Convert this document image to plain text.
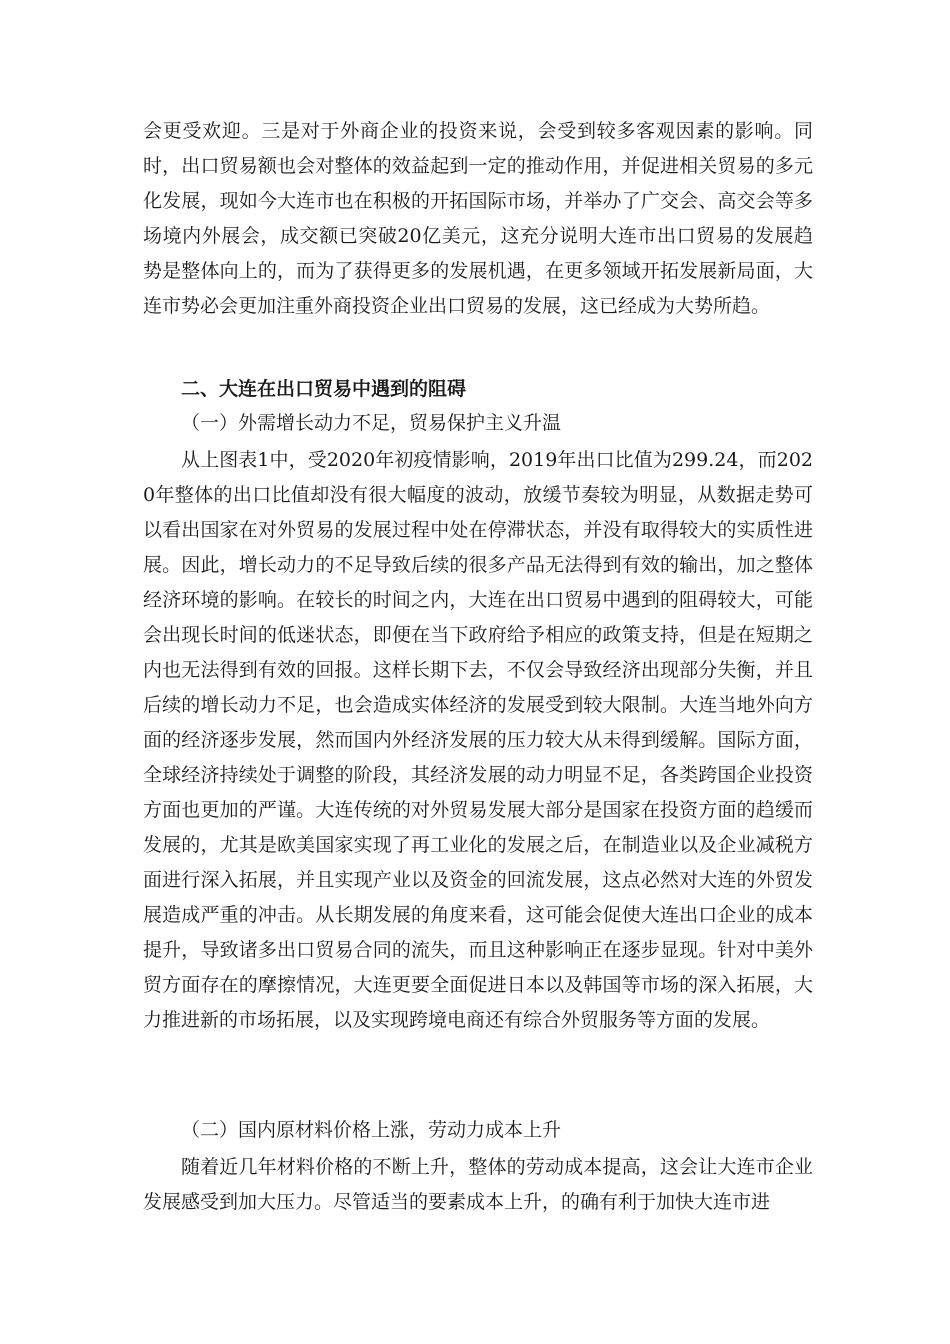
会更受欢迎。三是对于外商企业的投资来说，会受到较多客观因素的影响。同时，出口贸易额也会对整体的效益起到一定的推动作用，并促进相关贸易的多元化发展，现如今大连市也在积极的开拓国际市场，并举办了广交会、高交会等多场境内外展会，成交额已突破20亿美元，这充分说明大连市出口贸易的发展趋势是整体向上的，而为了获得更多的发展机遇，在更多领域开拓发展新局面，大连市势必会更加注重外商投资企业出口贸易的发展，这已经成为大势所趋。

二、大连在出口贸易中遇到的阻碍

（一）外需增长动力不足，贸易保护主义升温

从上图表1中，受2020年初疫情影响，2019年出口比值为299.24，而2020年整体的出口比值却没有很大幅度的波动，放缓节奏较为明显，从数据走势可以看出国家在对外贸易的发展过程中处在停滞状态，并没有取得较大的实质性进展。因此，增长动力的不足导致后续的很多产品无法得到有效的输出，加之整体经济环境的影响。在较长的时间之内，大连在出口贸易中遇到的阻碍较大，可能会出现长时间的低迷状态，即便在当下政府给予相应的政策支持，但是在短期之内也无法得到有效的回报。这样长期下去，不仅会导致经济出现部分失衡，并且后续的增长动力不足，也会造成实体经济的发展受到较大限制。大连当地外向方面的经济逐步发展，然而国内外经济发展的压力较大从未得到缓解。国际方面，全球经济持续处于调整的阶段，其经济发展的动力明显不足，各类跨国企业投资方面也更加的严谨。大连传统的对外贸易发展大部分是国家在投资方面的趋缓而发展的，尤其是欧美国家实现了再工业化的发展之后，在制造业以及企业减税方面进行深入拓展，并且实现产业以及资金的回流发展，这点必然对大连的外贸发展造成严重的冲击。从长期发展的角度来看，这可能会促使大连出口企业的成本提升，导致诸多出口贸易合同的流失，而且这种影响正在逐步显现。针对中美外贸方面存在的摩擦情况，大连更要全面促进日本以及韩国等市场的深入拓展，大力推进新的市场拓展，以及实现跨境电商还有综合外贸服务等方面的发展。

（二）国内原材料价格上涨，劳动力成本上升

随着近几年材料价格的不断上升，整体的劳动成本提高，这会让大连市企业发展感受到加大压力。尽管适当的要素成本上升，的确有利于加快大连市进
